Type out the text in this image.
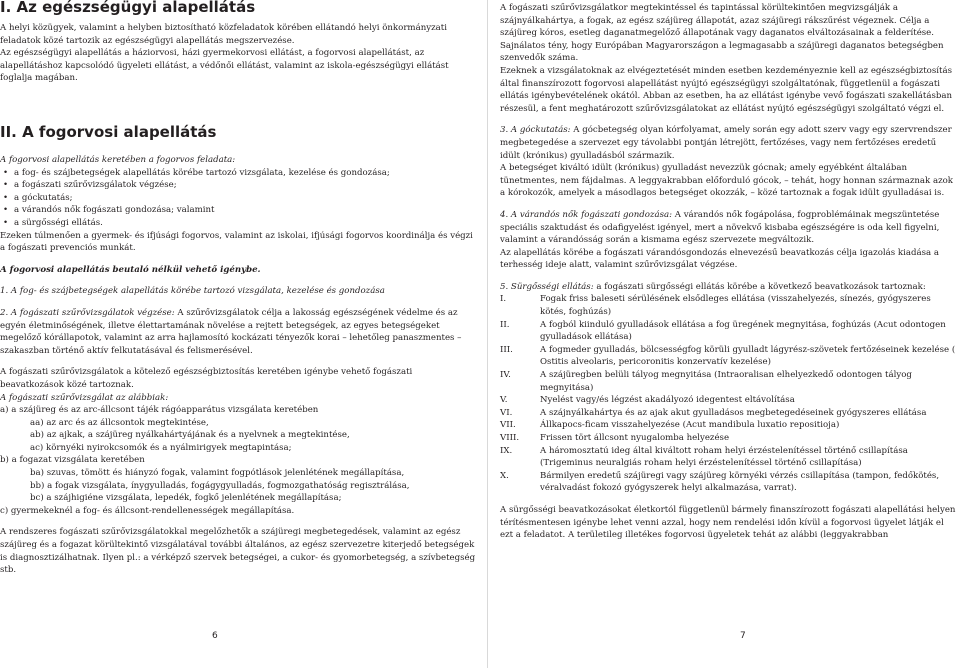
I. Az egészségügyi alapellátás

A helyi közügyek, valamint a helyben biztosítható közfeladatok körében ellátandó helyi önkormányzati feladatok közé tartozik az egészségügyi alapellátás megszervezése.

Az egészségügyi alapellátás a háziorvosi, házi gyermekorvosi ellátást, a fogorvosi alapellátást, az alapellátáshoz kapcsolódó ügyeleti ellátást, a védőnői ellátást, valamint az iskola-egészségügyi ellátást foglalja magában.

II. A fogorvosi alapellátás

A fogorvosi alapellátás keretében a fogorvos feladata:

• a fog- és szájbetegségek alapellátás körébe tartozó vizsgálata, kezelése és gondozása;
• a fogászati szűrővizsgálatok végzése;
• a góckutatás;
• a várandós nők fogászati gondozása; valamint
• a sürgősségi ellátás.

Ezeken túlmenően a gyermek- és ifjúsági fogorvos, valamint az iskolai, ifjúsági fogorvos koordinálja és végzi a fogászati prevenciós munkát.

A fogorvosi alapellátás beutaló nélkül vehető igénybe.

1. A fog- és szájbetegségek alapellátás körébe tartozó vizsgálata, kezelése és gondozása

2. A fogászati szűrővizsgálatok végzése: A szűrővizsgálatok célja a lakosság egészségének védelme és az egyén életminőségének, illetve élettartamának növelése a rejtett betegségek, az egyes betegségeket megelőző kórállapotok, valamint az arra hajlamosító kockázati tényezők korai – lehetőleg panaszmentes – szakaszban történő aktív felkutatásával és felismerésével.

A fogászati szűrővizsgálatok a kötelező egészségbiztosítás keretében igénybe vehető fogászati beavatkozások közé tartoznak.

A fogászati szűrővizsgálat az alábbiak:

a) a szájüreg és az arc-állcsont tájék rágóapparátus vizsgálata keretében

aa) az arc és az állcsontok megtekintése,

ab) az ajkak, a szájüreg nyálkahártyájának és a nyelvnek a megtekintése,

ac) környéki nyirokcsomók és a nyálmirigyek megtapintása;

b) a fogazat vizsgálata keretében

ba) szuvas, tömött és hiányzó fogak, valamint fogpótlások jelenlétének megállapítása,

bb) a fogak vizsgálata, ínygyulladás, fogágygyulladás, fogmozgathatóság regisztrálása,

bc) a szájhigiéne vizsgálata, lepedék, fogkő jelenlétének megállapítása;

c) gyermekeknél a fog- és állcsont-rendellenességek megállapítása.

A rendszeres fogászati szűrővizsgálatokkal megelőzhetők a szájüregi megbetegedések, valamint az egész szájüreg és a fogazat körültekintő vizsgálatával további általános, az egész szervezetre kiterjedő betegségek is diagnosztizálhatnak. Ilyen pl.: a vérképző szervek betegségei, a cukor- és gyomorbetegség, a szívbetegség stb.

6

A fogászati szűrővizsgálatkor megtekintéssel és tapintással körültekintően megvizsgálják a szájnyálkahártya, a fogak, az egész szájüreg állapotát, azaz szájüregi rákszűrést végeznek. Célja a szájüreg kóros, esetleg daganatmegelőző állapotának vagy daganatos elváltozásainak a felderítése. Sajnálatos tény, hogy Európában Magyarországon a legmagasabb a szájüregi daganatos betegségben szenvedők száma.

Ezeknek a vizsgálatoknak az elvégeztetését minden esetben kezdeményeznie kell az egészségbiztosítás által finanszírozott fogorvosi alapellátást nyújtó egészségügyi szolgáltatónak, függetlenül a fogászati ellátás igénybevételének okától. Abban az esetben, ha az ellátást igénybe vevő fogászati szakellátásban részesül, a fent meghatározott szűrővizsgálatokat az ellátást nyújtó egészségügyi szolgáltató végzi el.

3. A góckutatás: A gócbetegség olyan kórfolyamat, amely során egy adott szerv vagy egy szervrendszer megbetegedése a szervezet egy távolabbi pontján létrejött, fertőzéses, vagy nem fertőzéses eredetű idült (krónikus) gyulladásból származik.

A betegséget kiváltó idült (krónikus) gyulladást nevezzük gócnak; amely egyébként általában tünetmentes, nem fájdalmas. A leggyakrabban előforduló gócok, – tehát, hogy honnan származnak azok a kórokozók, amelyek a másodlagos betegséget okozzák, – közé tartoznak a fogak idült gyulladásai is.

4. A várandós nők fogászati gondozása: A várandós nők fogápolása, fogproblémáinak megszüntetése speciális szaktudást és odafigyelést igényel, mert a növekvő kisbaba egészségére is oda kell figyelni, valamint a várandósság során a kismama egész szervezete megváltozik.

Az alapellátás körébe a fogászati várandósgondozás elnevezésű beavatkozás célja igazolás kiadása a terhesség ideje alatt, valamint szűrővizsgálat végzése.

5. Sürgősségi ellátás: a fogászati sürgősségi ellátás körébe a következő beavatkozások tartoznak:

I.	Fogak friss baleseti sérülésének elsődleges ellátása (visszahelyezés, sínezés, gyógyszeres kötés, foghúzás)
II.	A fogból kiinduló gyulladások ellátása a fog üregének megnyitása, foghúzás (Acut odontogen gyulladások ellátása)
III.	A fogmeder gyulladás, bölcsességfog körüli gyulladt lágyrész-szövetek fertőzéseinek kezelése ( Ostitis alveolaris, pericoronitis konzervatív kezelése)
IV.	A szájüregben belüli tályog megnyitása (Intraoralisan elhelyezkedő odontogen tályog megnyitása)
V.	Nyelést vagy/és légzést akadályozó idegentest eltávolítása
VI.	A szájnyálkahártya és az ajak akut gyulladásos megbetegedéseinek gyógyszeres ellátása
VII.	Állkapocs-ficam visszahelyezése (Acut mandibula luxatio repositioja)
VIII.	Frissen tört állcsont nyugalomba helyezése
IX.	A háromosztatú ideg által kiváltott roham helyi érzéstelenítéssel történő csillapítása (Trigeminus neuralgiás roham helyi érzéstelenítéssel történő csillapítása)
X.	Bármilyen eredetű szájüregi vagy szájüreg környéki vérzés csillapítása (tampon, fedőkötés, véralvadást fokozó gyógyszerek helyi alkalmazása, varrat).

A sürgősségi beavatkozásokat életkortól függetlenül bármely finanszírozott fogászati alapellátási helyen térítésmentesen igénybe lehet venni azzal, hogy nem rendelési időn kívül a fogorvosi ügyelet látják el ezt a feladatot. A területileg illetékes fogorvosi ügyeletek tehát az alábbi (leggyakrabban

7
